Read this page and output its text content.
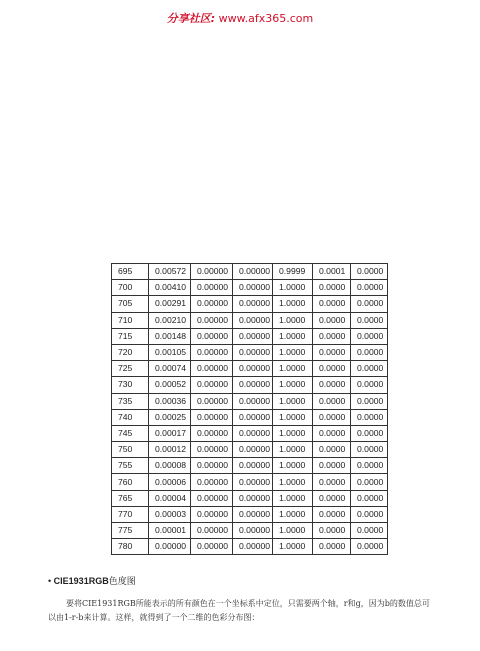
分享社区: www.afx365.com
695	0.00572	0.00000	0.00000	0.9999	0.0001	0.0000
700	0.00410	0.00000	0.00000	1.0000	0.0000	0.0000
705	0.00291	0.00000	0.00000	1.0000	0.0000	0.0000
710	0.00210	0.00000	0.00000	1.0000	0.0000	0.0000
715	0.00148	0.00000	0.00000	1.0000	0.0000	0.0000
720	0.00105	0.00000	0.00000	1.0000	0.0000	0.0000
725	0.00074	0.00000	0.00000	1.0000	0.0000	0.0000
730	0.00052	0.00000	0.00000	1.0000	0.0000	0.0000
735	0.00036	0.00000	0.00000	1.0000	0.0000	0.0000
740	0.00025	0.00000	0.00000	1.0000	0.0000	0.0000
745	0.00017	0.00000	0.00000	1.0000	0.0000	0.0000
750	0.00012	0.00000	0.00000	1.0000	0.0000	0.0000
755	0.00008	0.00000	0.00000	1.0000	0.0000	0.0000
760	0.00006	0.00000	0.00000	1.0000	0.0000	0.0000
765	0.00004	0.00000	0.00000	1.0000	0.0000	0.0000
770	0.00003	0.00000	0.00000	1.0000	0.0000	0.0000
775	0.00001	0.00000	0.00000	1.0000	0.0000	0.0000
780	0.00000	0.00000	0.00000	1.0000	0.0000	0.0000
• CIE1931RGB色度图
要将CIE1931RGB所能表示的所有颜色在一个坐标系中定位，只需要两个轴，r和g，因为b的数值总可
以由1-r-b来计算。这样，就得到了一个二维的色彩分布图：
